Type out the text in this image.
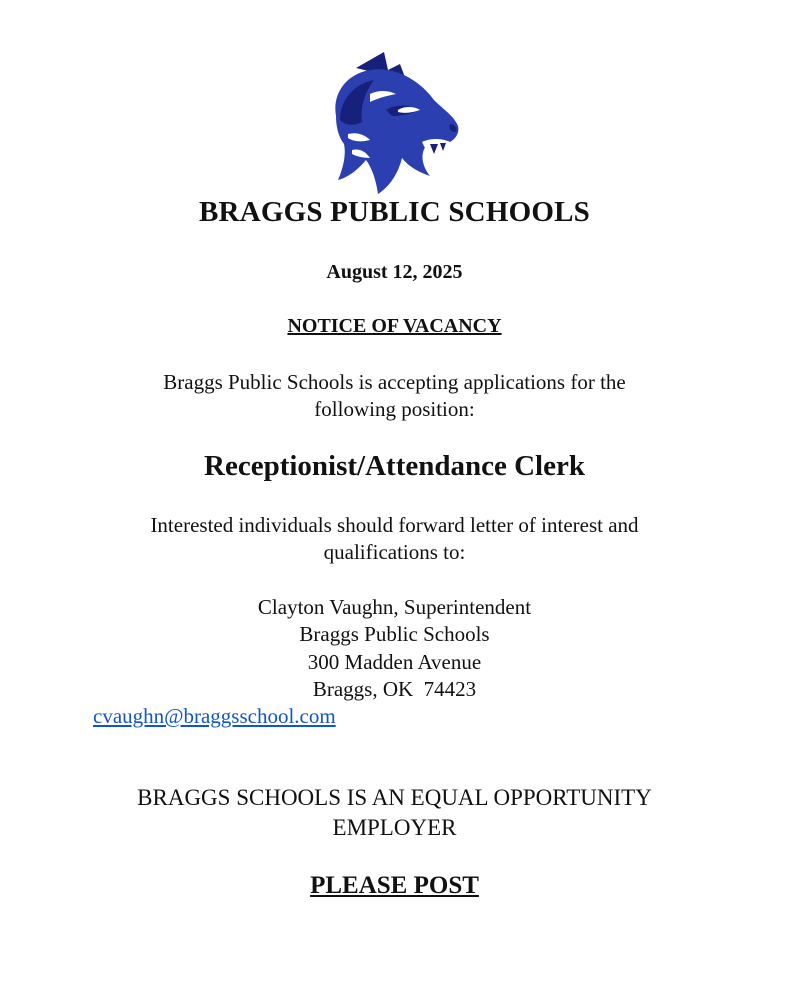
BRAGGS PUBLIC SCHOOLS
August 12, 2025
NOTICE OF VACANCY
Braggs Public Schools is accepting applications for the
following position:
Receptionist/Attendance Clerk
Interested individuals should forward letter of interest and
qualifications to:
Clayton Vaughn, Superintendent
Braggs Public Schools
300 Madden Avenue
Braggs, OK  74423
cvaughn@braggsschool.com
BRAGGS SCHOOLS IS AN EQUAL OPPORTUNITY
EMPLOYER
PLEASE POST
